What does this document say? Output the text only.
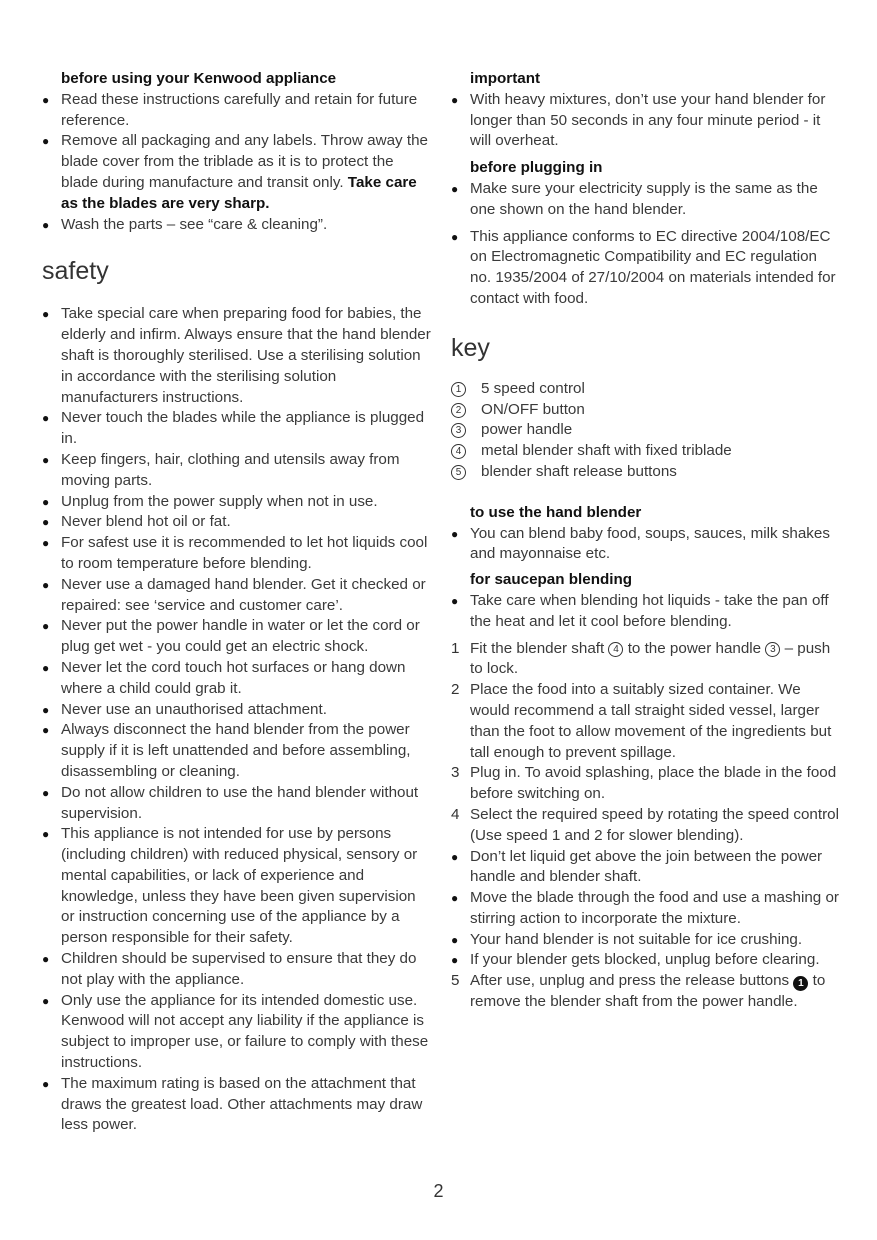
before using your Kenwood appliance
● Read these instructions carefully and retain for future reference.
● Remove all packaging and any labels. Throw away the blade cover from the triblade as it is to protect the blade during manufacture and transit only. Take care as the blades are very sharp.
● Wash the parts – see “care & cleaning”.
safety
● Take special care when preparing food for babies, the elderly and infirm. Always ensure that the hand blender shaft is thoroughly sterilised. Use a sterilising solution in accordance with the sterilising solution manufacturers instructions.
● Never touch the blades while the appliance is plugged in.
● Keep fingers, hair, clothing and utensils away from moving parts.
● Unplug from the power supply when not in use.
● Never blend hot oil or fat.
● For safest use it is recommended to let hot liquids cool to room temperature before blending.
● Never use a damaged hand blender. Get it checked or repaired: see ‘service and customer care’.
● Never put the power handle in water or let the cord or plug get wet - you could get an electric shock.
● Never let the cord touch hot surfaces or hang down where a child could grab it.
● Never use an unauthorised attachment.
● Always disconnect the hand blender from the power supply if it is left unattended and before assembling, disassembling or cleaning.
● Do not allow children to use the hand blender without supervision.
● This appliance is not intended for use by persons (including children) with reduced physical, sensory or mental capabilities, or lack of experience and knowledge, unless they have been given supervision or instruction concerning use of the appliance by a person responsible for their safety.
● Children should be supervised to ensure that they do not play with the appliance.
● Only use the appliance for its intended domestic use. Kenwood will not accept any liability if the appliance is subject to improper use, or failure to comply with these instructions.
● The maximum rating is based on the attachment that draws the greatest load. Other attachments may draw less power.
important
● With heavy mixtures, don’t use your hand blender for longer than 50 seconds in any four minute period - it will overheat.
before plugging in
● Make sure your electricity supply is the same as the one shown on the hand blender.
● This appliance conforms to EC directive 2004/108/EC on Electromagnetic Compatibility and EC regulation no. 1935/2004 of 27/10/2004 on materials intended for contact with food.
key
1	5 speed control
2	ON/OFF button
3	power handle
4	metal blender shaft with fixed triblade
5	blender shaft release buttons
to use the hand blender
● You can blend baby food, soups, sauces, milk shakes and mayonnaise etc.
for saucepan blending
● Take care when blending hot liquids - take the pan off the heat and let it cool before blending.
1 Fit the blender shaft 4 to the power handle 3 – push to lock.
2 Place the food into a suitably sized container. We would recommend a tall straight sided vessel, larger than the foot to allow movement of the ingredients but tall enough to prevent spillage.
3 Plug in. To avoid splashing, place the blade in the food before switching on.
4 Select the required speed by rotating the speed control (Use speed 1 and 2 for slower blending).
● Don’t let liquid get above the join between the power handle and blender shaft.
● Move the blade through the food and use a mashing or stirring action to incorporate the mixture.
● Your hand blender is not suitable for ice crushing.
● If your blender gets blocked, unplug before clearing.
5 After use, unplug and press the release buttons 1 to remove the blender shaft from the power handle.
2
